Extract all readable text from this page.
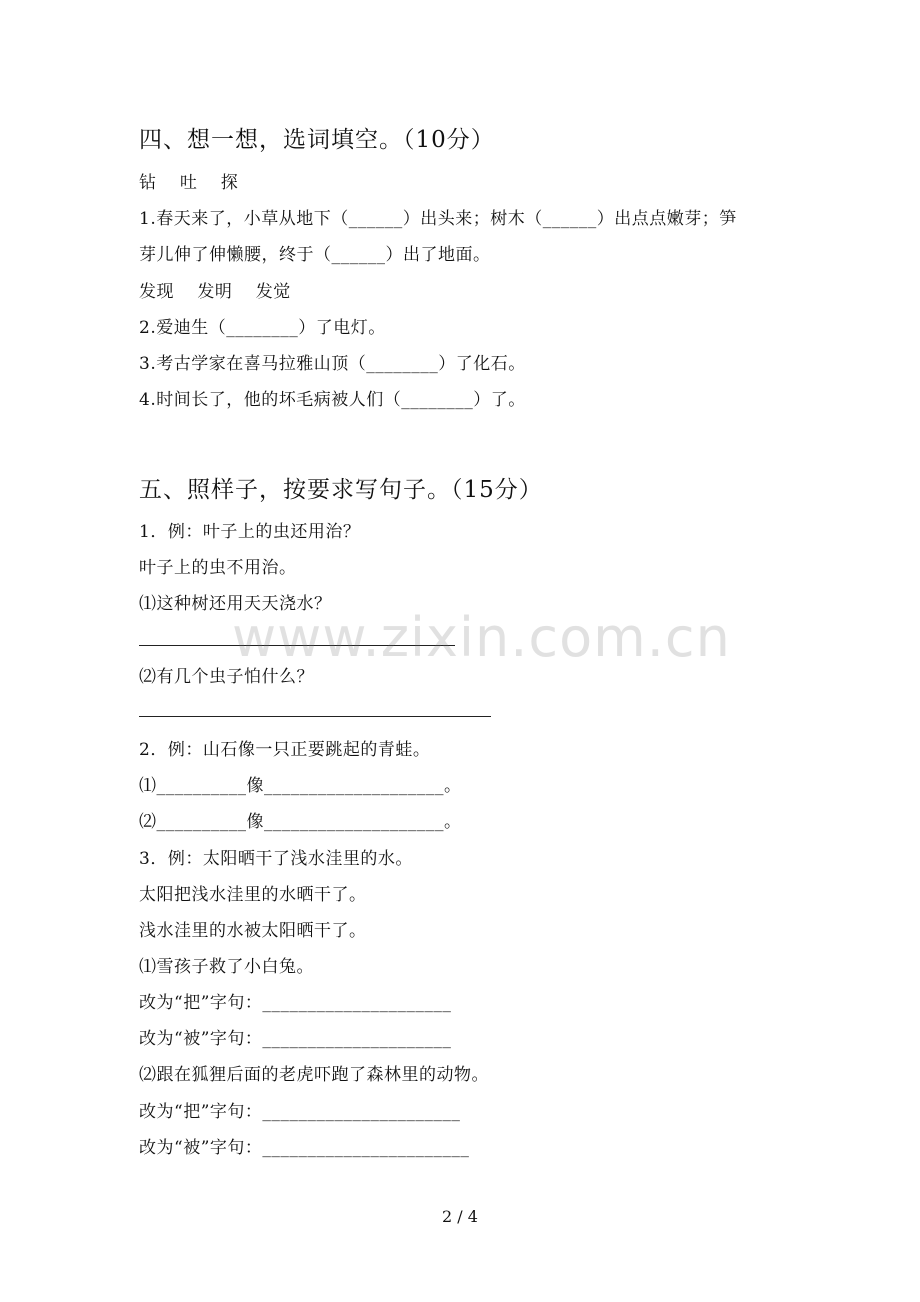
四、想一想，选词填空。（10分）
钻　 吐　 探
1.春天来了，小草从地下（______）出头来；树木（______）出点点嫩芽；笋
芽儿伸了伸懒腰，终于（______）出了地面。
发现　 发明　 发觉
2.爱迪生（________）了电灯。
3.考古学家在喜马拉雅山顶（________）了化石。
4.时间长了，他的坏毛病被人们（________）了。
五、照样子，按要求写句子。（15分）
1．例：叶子上的虫还用治？
叶子上的虫不用治。
⑴这种树还用天天浇水？
⑵有几个虫子怕什么？
2．例：山石像一只正要跳起的青蛙。
⑴__________像____________________。
⑵__________像____________________。
3．例：太阳晒干了浅水洼里的水。
太阳把浅水洼里的水晒干了。
浅水洼里的水被太阳晒干了。
⑴雪孩子救了小白兔。
改为“把”字句：_____________________
改为“被”字句：_____________________
⑵跟在狐狸后面的老虎吓跑了森林里的动物。
改为“把”字句：______________________
改为“被”字句：_______________________
www.zixin.com.cn
2 / 4
